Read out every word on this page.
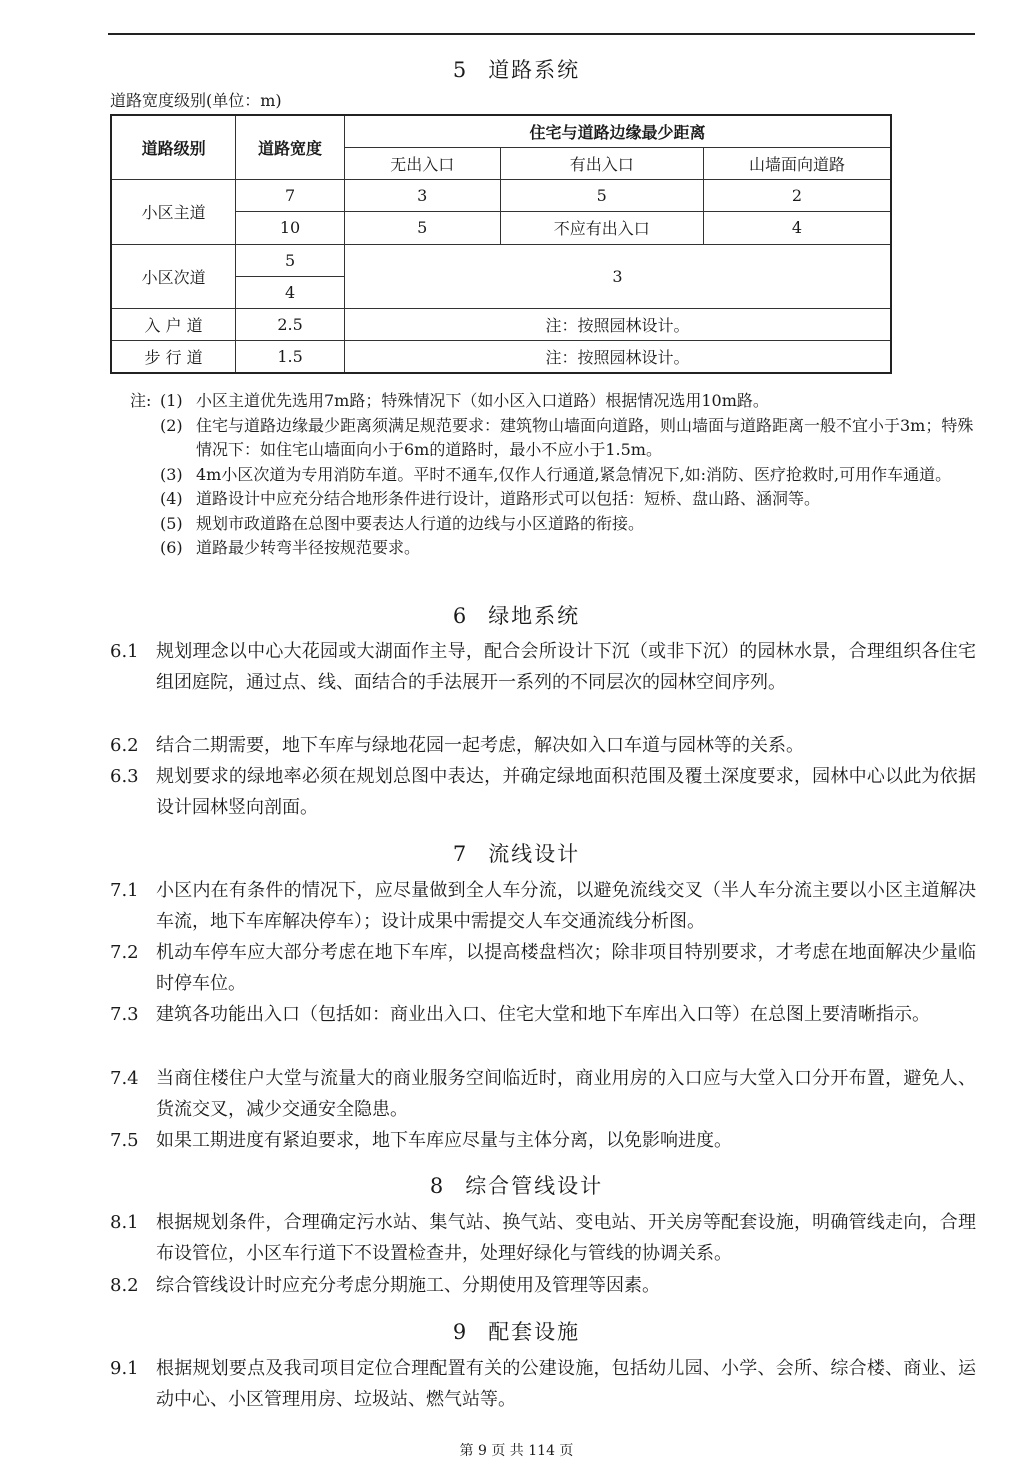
5 道路系统
道路宽度级别(单位：m)
道路级别	道路宽度	住宅与道路边缘最少距离		
		无出入口	有出入口	山墙面向道路
小区主道	7	3	5	2
	10	5	不应有出入口	4
小区次道	5	3		
	4			
入 户 道	2.5	注：按照园林设计。		
步 行 道	1.5	注：按照园林设计。		
注: (1) 小区主道优先选用7m路；特殊情况下（如小区入口道路）根据情况选用10m路。
(2) 住宅与道路边缘最少距离须满足规范要求：建筑物山墙面向道路，则山墙面与道路距离一般不宜小于3m；特殊情况下：如住宅山墙面向小于6m的道路时，最小不应小于1.5m。
(3) 4m小区次道为专用消防车道。平时不通车,仅作人行通道,紧急情况下,如:消防、医疗抢救时,可用作车通道。
(4) 道路设计中应充分结合地形条件进行设计，道路形式可以包括：短桥、盘山路、涵洞等。
(5) 规划市政道路在总图中要表达人行道的边线与小区道路的衔接。
(6) 道路最少转弯半径按规范要求。
6 绿地系统
6.1 规划理念以中心大花园或大湖面作主导，配合会所设计下沉（或非下沉）的园林水景，合理组织各住宅组团庭院，通过点、线、面结合的手法展开一系列的不同层次的园林空间序列。
6.2 结合二期需要，地下车库与绿地花园一起考虑，解决如入口车道与园林等的关系。
6.3 规划要求的绿地率必须在规划总图中表达，并确定绿地面积范围及覆土深度要求，园林中心以此为依据设计园林竖向剖面。
7 流线设计
7.1 小区内在有条件的情况下，应尽量做到全人车分流，以避免流线交叉（半人车分流主要以小区主道解决车流，地下车库解决停车）；设计成果中需提交人车交通流线分析图。
7.2 机动车停车应大部分考虑在地下车库，以提高楼盘档次；除非项目特别要求，才考虑在地面解决少量临时停车位。
7.3 建筑各功能出入口（包括如：商业出入口、住宅大堂和地下车库出入口等）在总图上要清晰指示。
7.4 当商住楼住户大堂与流量大的商业服务空间临近时，商业用房的入口应与大堂入口分开布置，避免人、货流交叉，减少交通安全隐患。
7.5 如果工期进度有紧迫要求，地下车库应尽量与主体分离，以免影响进度。
8 综合管线设计
8.1 根据规划条件，合理确定污水站、集气站、换气站、变电站、开关房等配套设施，明确管线走向，合理布设管位，小区车行道下不设置检查井，处理好绿化与管线的协调关系。
8.2 综合管线设计时应充分考虑分期施工、分期使用及管理等因素。
9 配套设施
9.1 根据规划要点及我司项目定位合理配置有关的公建设施，包括幼儿园、小学、会所、综合楼、商业、运动中心、小区管理用房、垃圾站、燃气站等。
第 9 页 共 114 页
